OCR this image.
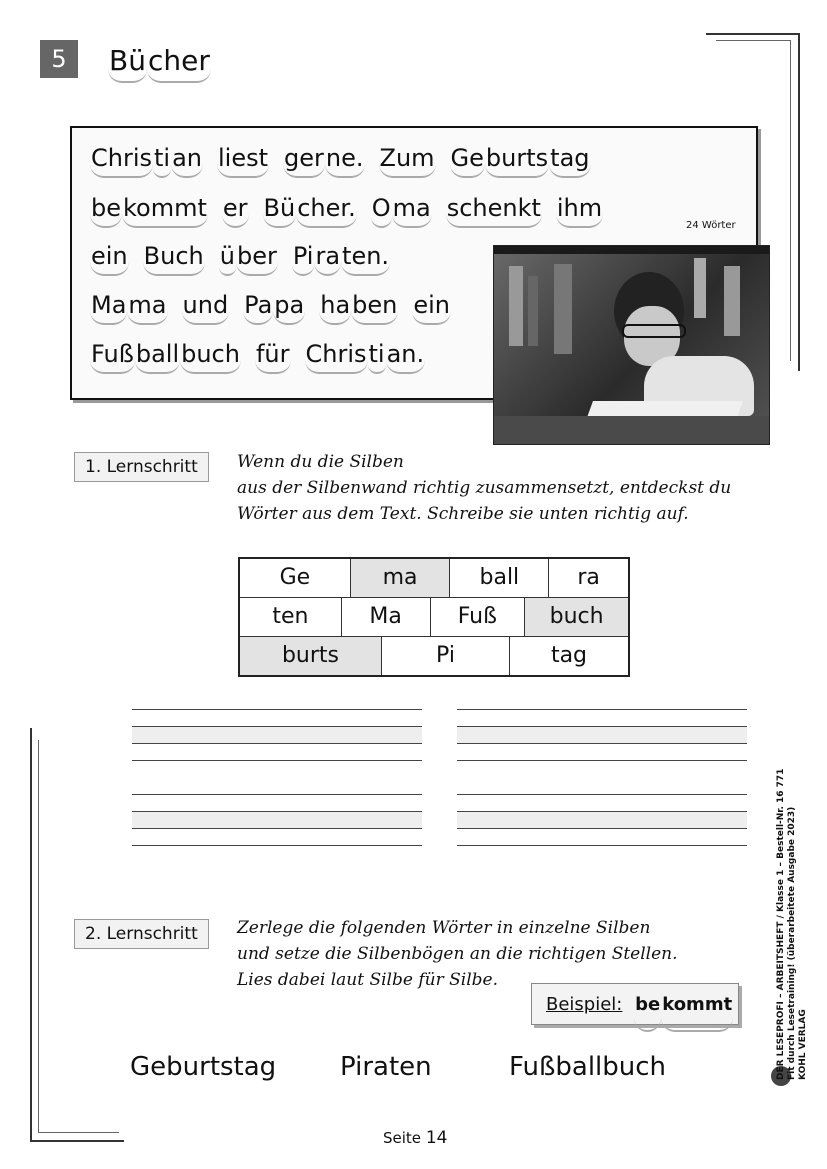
5	Bücher
Christian liest gerne. Zum Geburtstag
bekommt er Bücher. Oma schenkt ihm
ein Buch über Piraten.
Mama und Papa haben ein
Fußballbuch für Christian.
24 Wörter
1. Lernschritt	Wenn du die Silben
aus der Silbenwand richtig zusammensetzt, entdeckst du
Wörter aus dem Text. Schreibe sie unten richtig auf.
Ge	ma	ball	ra
ten	Ma	Fuß	buch
burts	Pi	tag
2. Lernschritt	Zerlege die folgenden Wörter in einzelne Silben
und setze die Silbenbögen an die richtigen Stellen.
Lies dabei laut Silbe für Silbe.
Beispiel: be kommt
Geburtstag Piraten	Fußballbuch
Seite 14
DER LESEPROFI – ARBEITSHEFT / Klasse 1 – Bestell-Nr. 16 771 Fit durch Lesetraining! (überarbeitete Ausgabe 2023) KOHL VERLAG
